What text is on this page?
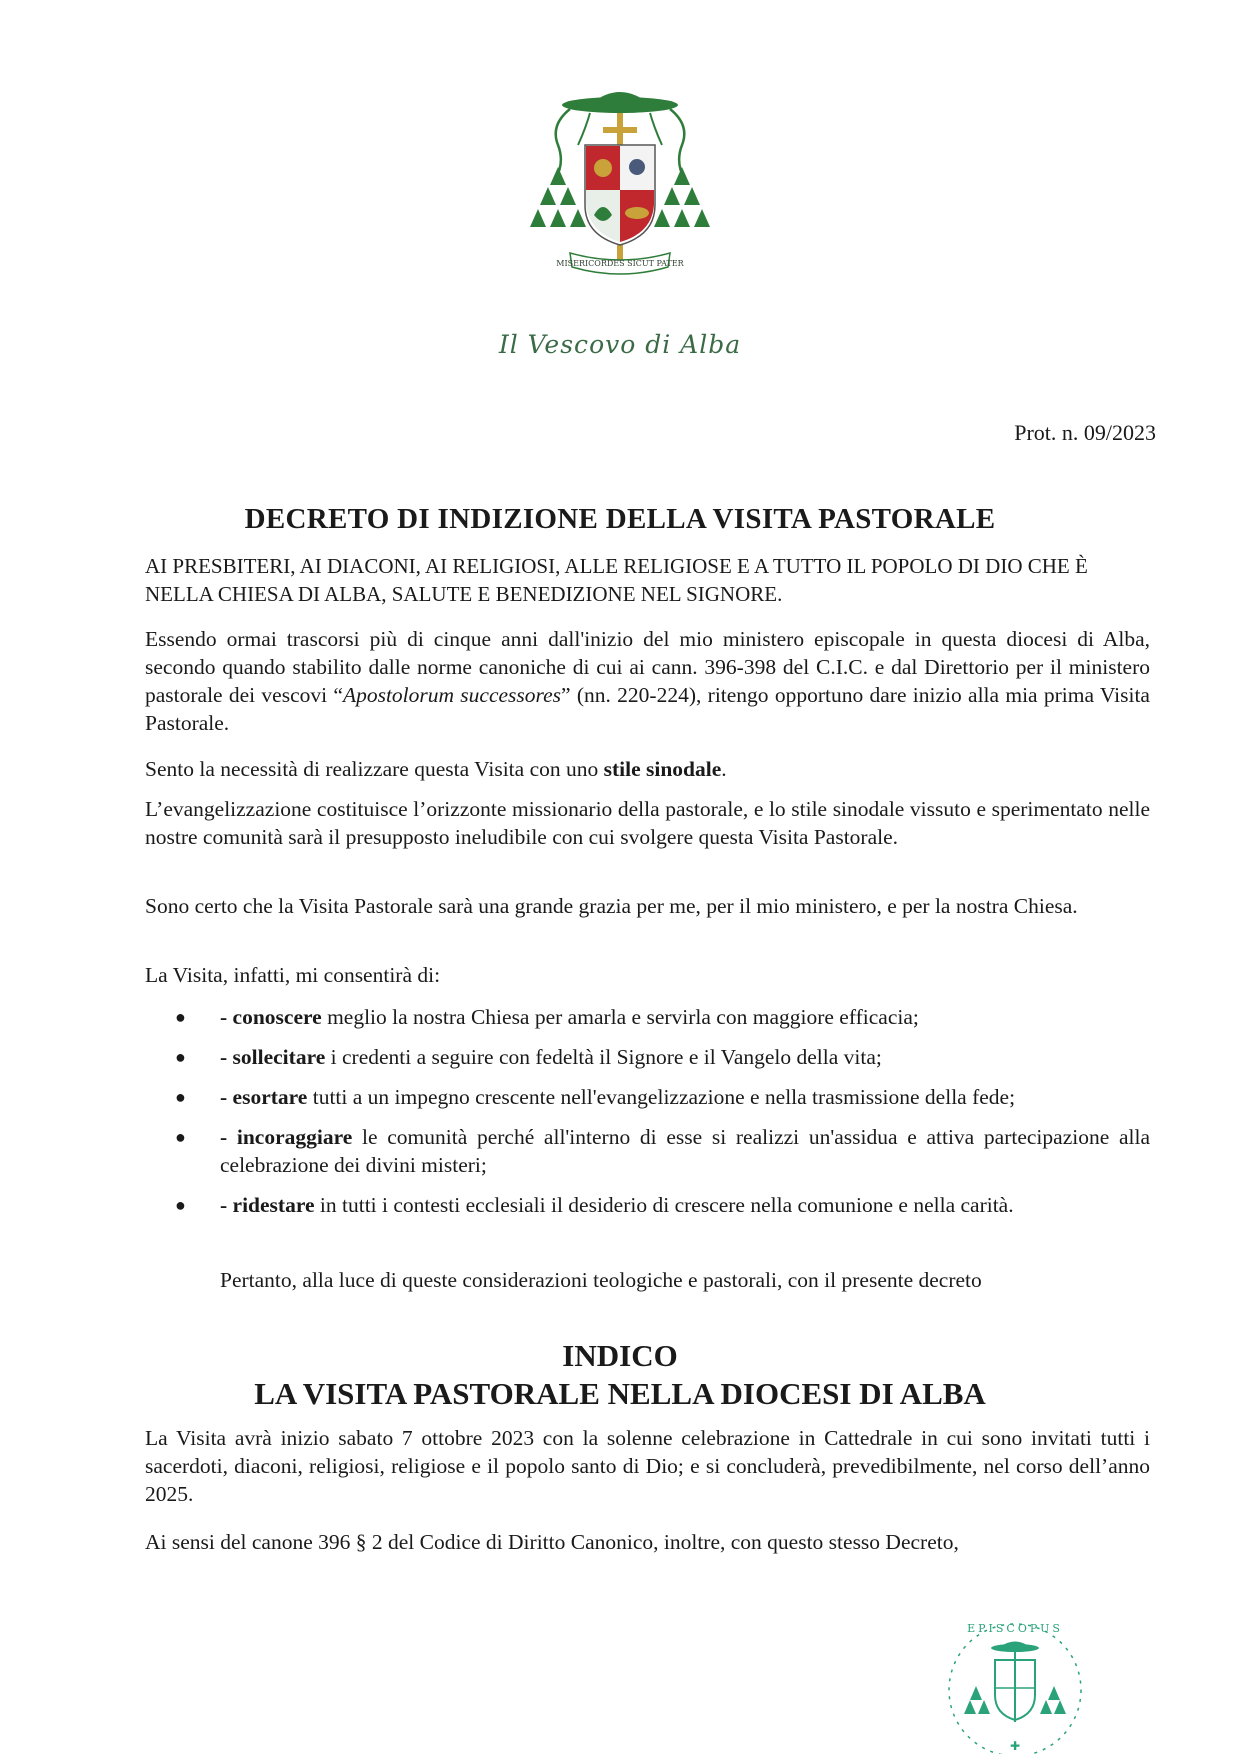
MISERICORDES SICUT PATER
Il Vescovo di Alba
Prot. n. 09/2023
DECRETO DI INDIZIONE DELLA VISITA PASTORALE

AI PRESBITERI, AI DIACONI, AI RELIGIOSI, ALLE RELIGIOSE E A TUTTO IL POPOLO DI DIO CHE È NELLA CHIESA DI ALBA, SALUTE E BENEDIZIONE NEL SIGNORE.

Essendo ormai trascorsi più di cinque anni dall'inizio del mio ministero episcopale in questa diocesi di Alba, secondo quando stabilito dalle norme canoniche di cui ai cann. 396-398 del C.I.C. e dal Direttorio per il ministero pastorale dei vescovi “Apostolorum successores” (nn. 220-224), ritengo opportuno dare inizio alla mia prima Visita Pastorale.

Sento la necessità di realizzare questa Visita con uno stile sinodale.

L’evangelizzazione costituisce l’orizzonte missionario della pastorale, e lo stile sinodale vissuto e sperimentato nelle nostre comunità sarà il presupposto ineludibile con cui svolgere questa Visita Pastorale.

Sono certo che la Visita Pastorale sarà una grande grazia per me, per il mio ministero, e per la nostra Chiesa.

La Visita, infatti, mi consentirà di:

● - conoscere meglio la nostra Chiesa per amarla e servirla con maggiore efficacia;
● - sollecitare i credenti a seguire con fedeltà il Signore e il Vangelo della vita;
● - esortare tutti a un impegno crescente nell'evangelizzazione e nella trasmissione della fede;
● - incoraggiare le comunità perché all'interno di esse si realizzi un'assidua e attiva partecipazione alla celebrazione dei divini misteri;
● - ridestare in tutti i contesti ecclesiali il desiderio di crescere nella comunione e nella carità.
Pertanto, alla luce di queste considerazioni teologiche e pastorali, con il presente decreto
INDICO
LA VISITA PASTORALE NELLA DIOCESI DI ALBA

La Visita avrà inizio sabato 7 ottobre 2023 con la solenne celebrazione in Cattedrale in cui sono invitati tutti i sacerdoti, diaconi, religiosi, religiose e il popolo santo di Dio; e si concluderà, prevedibilmente, nel corso dell’anno 2025.

Ai sensi del canone 396 § 2 del Codice di Diritto Canonico, inoltre, con questo stesso Decreto,

EPISCOPUS
✚
